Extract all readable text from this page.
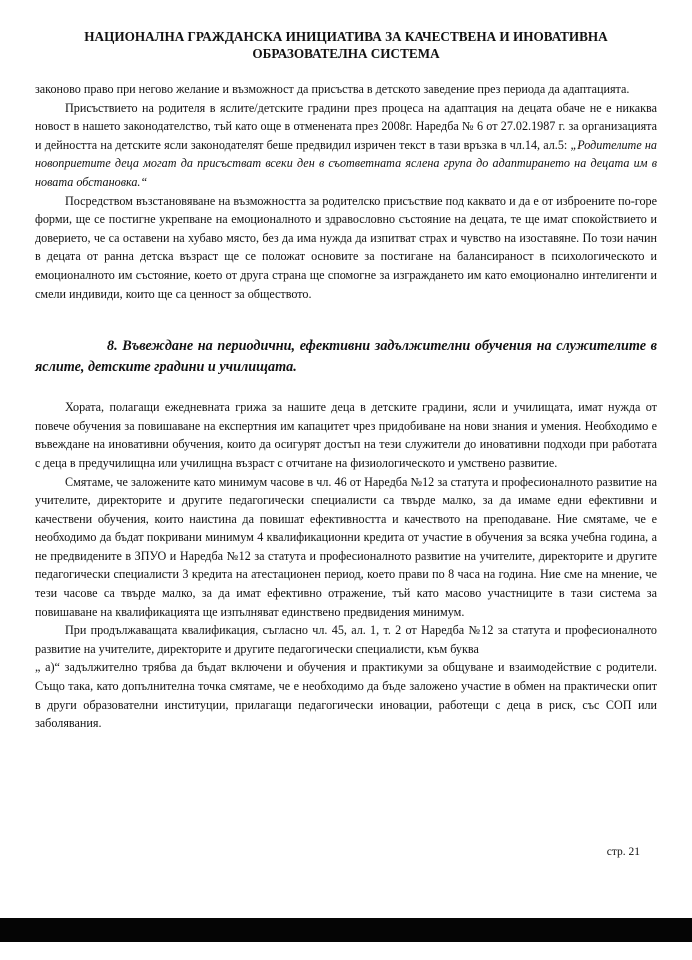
НАЦИОНАЛНА ГРАЖДАНСКА ИНИЦИАТИВА ЗА КАЧЕСТВЕНА И ИНОВАТИВНА
ОБРАЗОВАТЕЛНА СИСТЕМА

законово право при негово желание и възможност да присъства в детското заведение през периода да адаптацията.

Присъствието на родителя в яслите/детските градини през процеса на адаптация на децата обаче не е никаква новост в нашето законодателство, тъй като още в отменената през 2008г. Наредба № 6 от 27.02.1987 г. за организацията и дейността на детските ясли законодателят беше предвидил изричен текст в тази връзка в чл.14, ал.5: „Родителите на новоприетите деца могат да присъстват всеки ден в съответната яслена група до адаптирането на децата им в новата обстановка.“

Посредством възстановяване на възможността за родителско присъствие под каквато и да е от изброените по-горе форми, ще се постигне укрепване на емоционалното и здравословно състояние на децата, те ще имат спокойствието и доверието, че са оставени на хубаво място, без да има нужда да изпитват страх и чувство на изоставяне. По този начин в децата от ранна детска възраст ще се положат основите за постигане на балансираност в психологическото и емоционалното им състояние, което от друга страна ще спомогне за изграждането им като емоционално интелигенти и смели индивиди, които ще са ценност за обществото.

8. Въвеждане на периодични, ефективни задължителни обучения на служителите в яслите, детските градини и училищата.

Хората, полагащи ежедневната грижа за нашите деца в детските градини, ясли и училищата, имат нужда от повече обучения за повишаване на експертния им капацитет чрез придобиване на нови знания и умения. Необходимо е въвеждане на иновативни обучения, които да осигурят достъп на тези служители до иновативни подходи при работата с деца в предучилищна или училищна възраст с отчитане на физиологическото и умствено развитие.

Смятаме, че заложените като минимум часове в чл. 46 от Наредба №12 за статута и професионалното развитие на учителите, директорите и другите педагогически специалисти са твърде малко, за да имаме едни ефективни и качествени обучения, които наистина да повишат ефективността и качеството на преподаване. Ние смятаме, че е необходимо да бъдат покривани минимум 4 квалификационни кредита от участие в обучения за всяка учебна година, а не предвидените в ЗПУО и Наредба №12 за статута и професионалното развитие на учителите, директорите и другите педагогически специалисти 3 кредита на атестационен период, което прави по 8 часа на година. Ние сме на мнение, че тези часове са твърде малко, за да имат ефективно отражение, тъй като масово участниците в тази система за повишаване на квалификацията ще изпълняват единствено предвидения минимум.

При продължаващата квалификация, съгласно чл. 45, ал. 1, т. 2 от Наредба №12 за статута и професионалното развитие на учителите, директорите и другите педагогически специалисти, към буква

„ а)“ задължително трябва да бъдат включени и обучения и практикуми за общуване и взаимодействие с родители. Също така, като допълнителна точка смятаме, че е необходимо да бъде заложено участие в обмен на практически опит в други образователни институции, прилагащи педагогически иновации, работещи с деца в риск, със СОП или заболявания.

стр. 21
